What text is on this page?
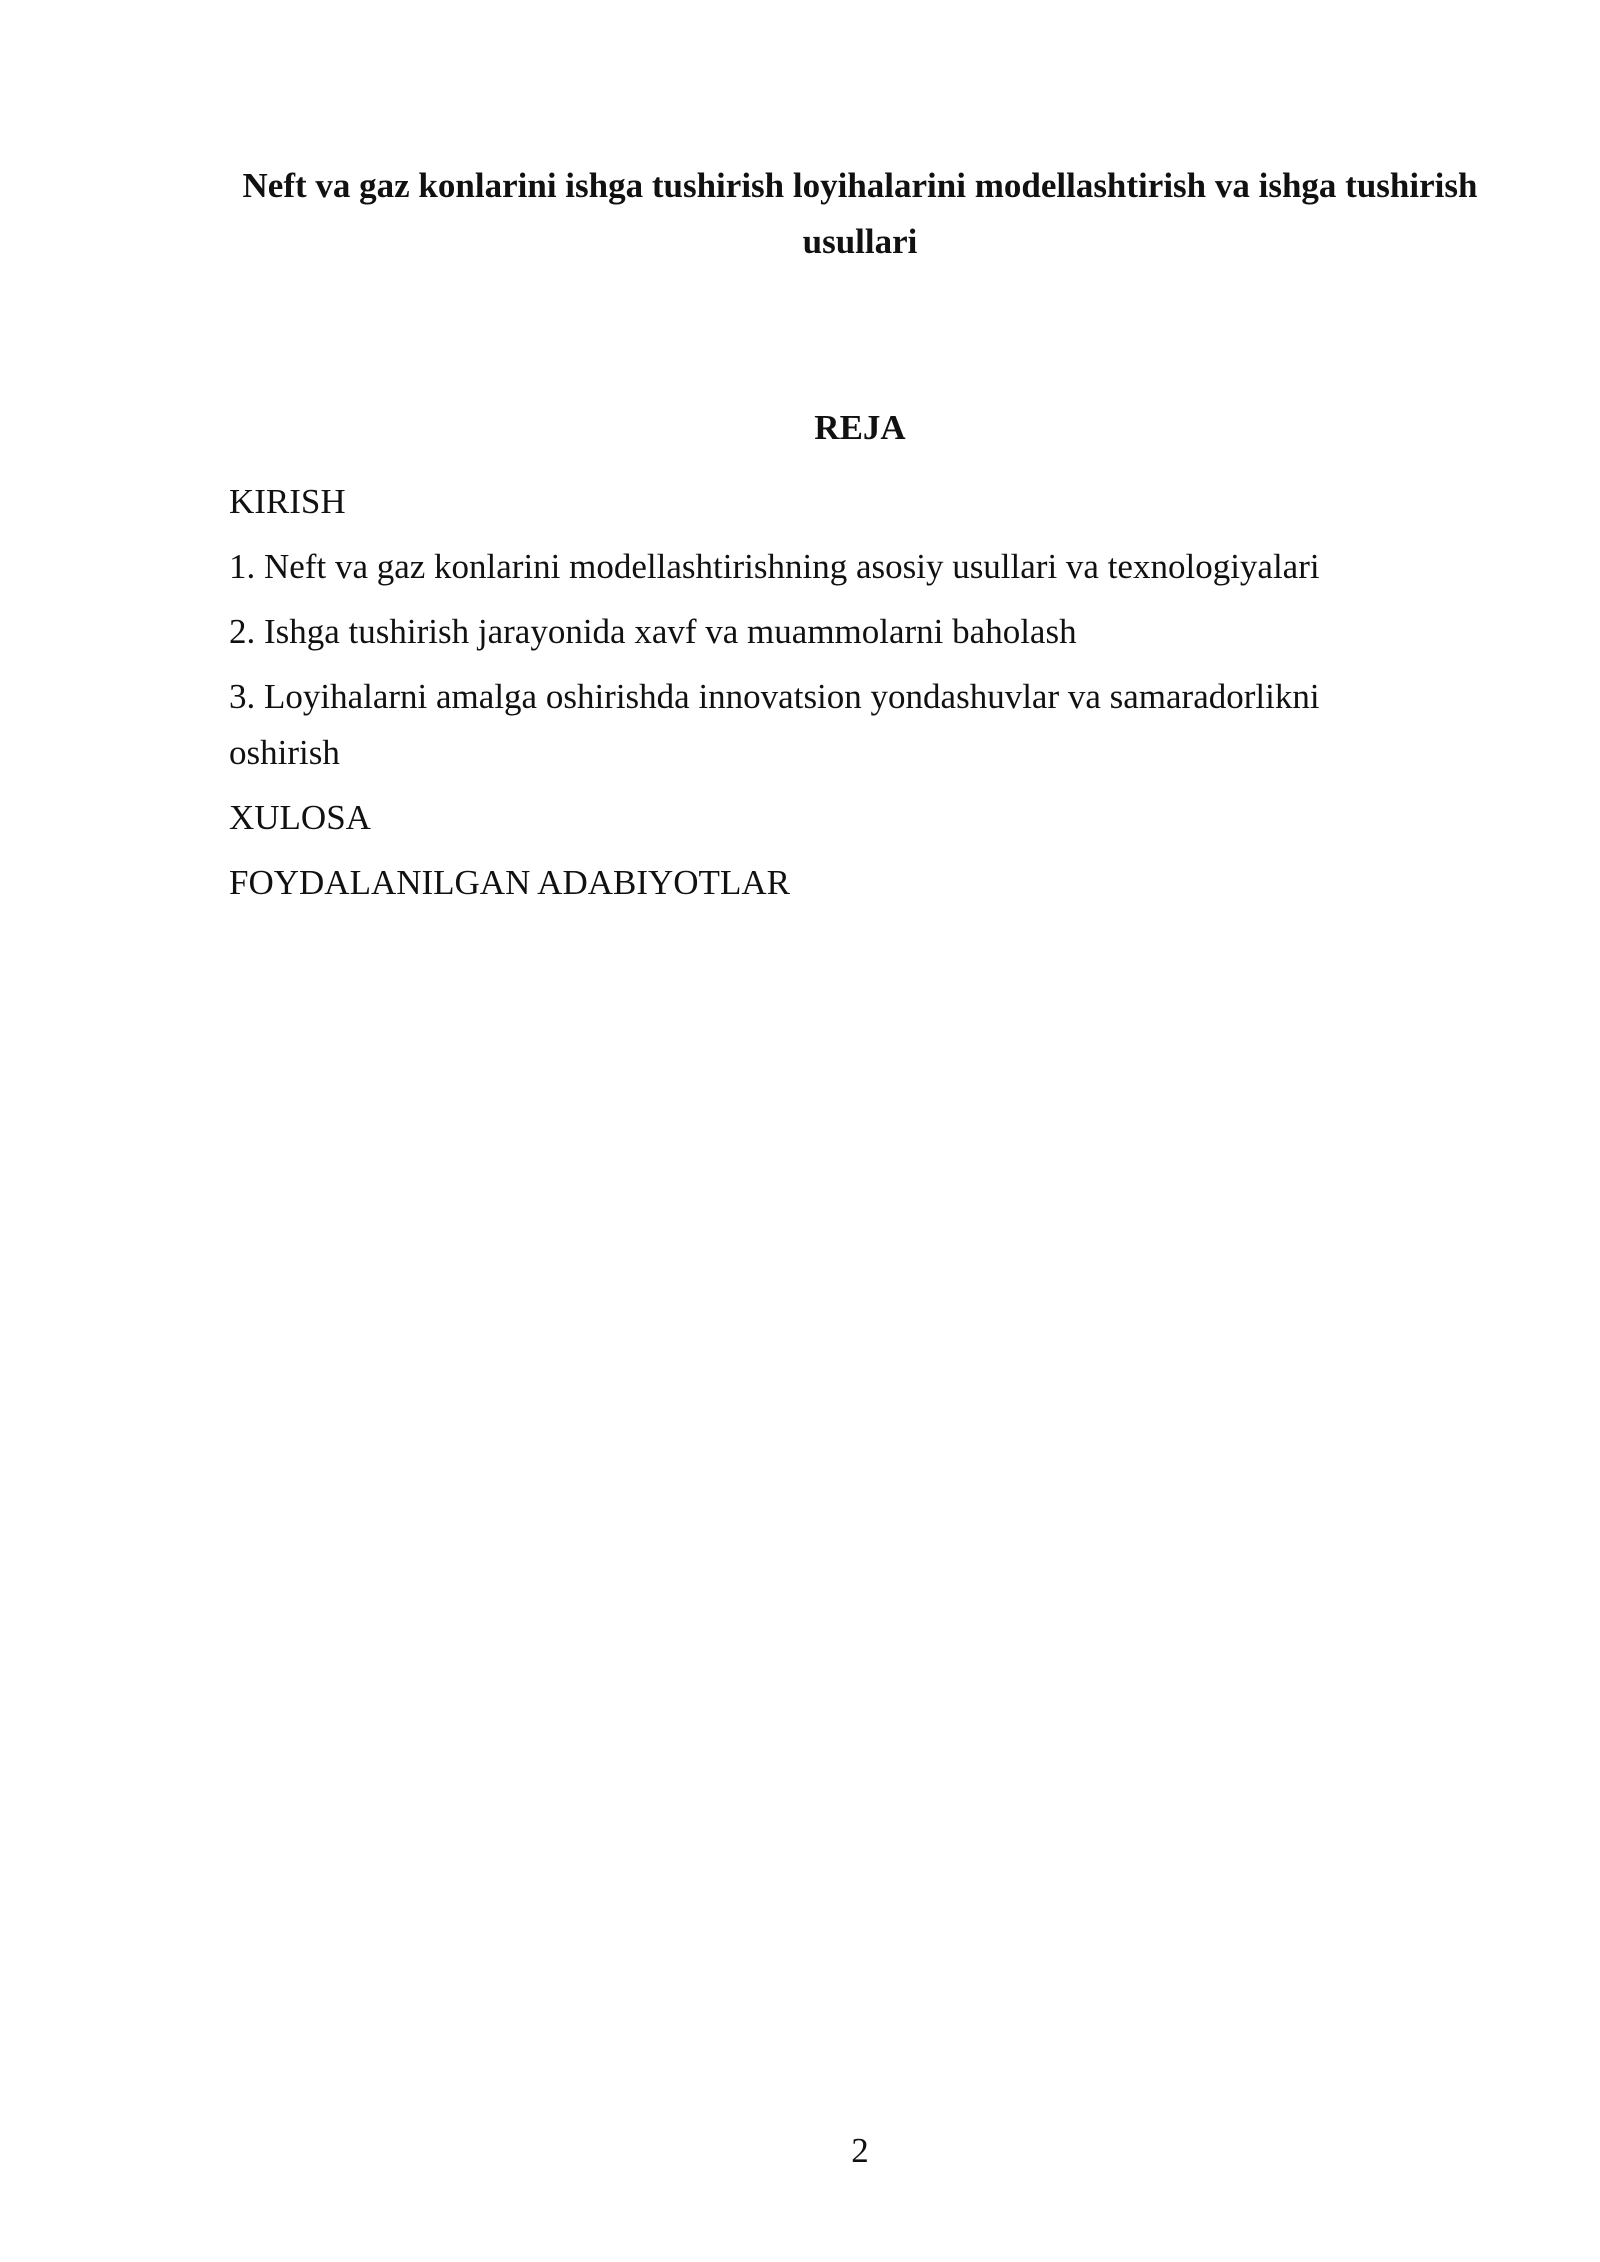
Neft va gaz konlarini ishga tushirish loyihalarini modellashtirish va ishga tushirish usullari
REJA
KIRISH
1. Neft va gaz konlarini modellashtirishning asosiy usullari va texnologiyalari
2. Ishga tushirish jarayonida xavf va muammolarni baholash
3. Loyihalarni amalga oshirishda innovatsion yondashuvlar va samaradorlikni oshirish
XULOSA
FOYDALANILGAN ADABIYOTLAR
2
